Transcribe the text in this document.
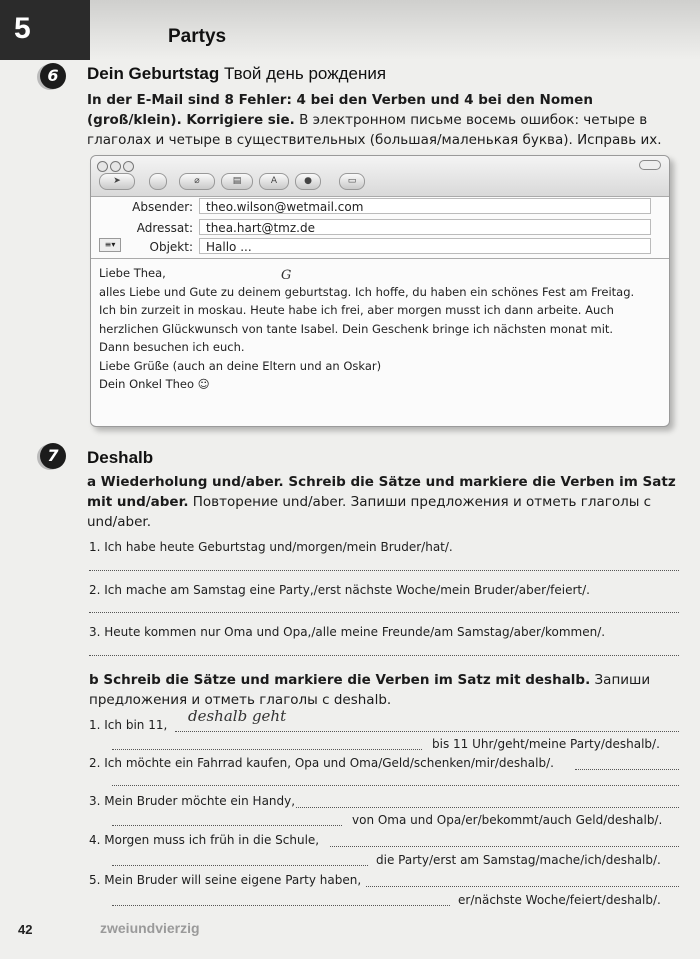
5	Partys
6	Dein Geburtstag Твой день рождения
In der E-Mail sind 8 Fehler: 4 bei den Verben und 4 bei den Nomen (groß/klein). Korrigiere sie. В электронном письме восемь ошибок: четыре в глаголах и четыре в существительных (большая/маленькая буква). Исправь их.
➤	⌀	▤	A	●	▭
Absender:	theo.wilson@wetmail.com
Adressat:	thea.hart@tmz.de
≡▾	Objekt:	Hallo ...
Liebe Thea,
alles Liebe und Gute zu deinem geburtstag. Ich hoffe, du haben ein schönes Fest am Freitag.
Ich bin zurzeit in moskau. Heute habe ich frei, aber morgen musst ich dann arbeite. Auch
herzlichen Glückwunsch von tante Isabel. Dein Geschenk bringe ich nächsten monat mit.
Dann besuchen ich euch.
Liebe Grüße (auch an deine Eltern und an Oskar)
Dein Onkel Theo ☺
G
7	Deshalb
a Wiederholung und/aber. Schreib die Sätze und markiere die Verben im Satz mit und/aber. Повторение und/aber. Запиши предложения и отметь глаголы с und/aber.
1. Ich habe heute Geburtstag und/morgen/mein Bruder/hat/.
2. Ich mache am Samstag eine Party,/erst nächste Woche/mein Bruder/aber/feiert/.
3. Heute kommen nur Oma und Opa,/alle meine Freunde/am Samstag/aber/kommen/.
b Schreib die Sätze und markiere die Verben im Satz mit deshalb. Запиши предложения и отметь глаголы с deshalb.
1. Ich bin 11, deshalb geht
bis 11 Uhr/geht/meine Party/deshalb/.
2. Ich möchte ein Fahrrad kaufen, Opa und Oma/Geld/schenken/mir/deshalb/.
3. Mein Bruder möchte ein Handy,
von Oma und Opa/er/bekommt/auch Geld/deshalb/.
4. Morgen muss ich früh in die Schule,
die Party/erst am Samstag/mache/ich/deshalb/.
5. Mein Bruder will seine eigene Party haben,
er/nächste Woche/feiert/deshalb/.
42	zweiundvierzig
